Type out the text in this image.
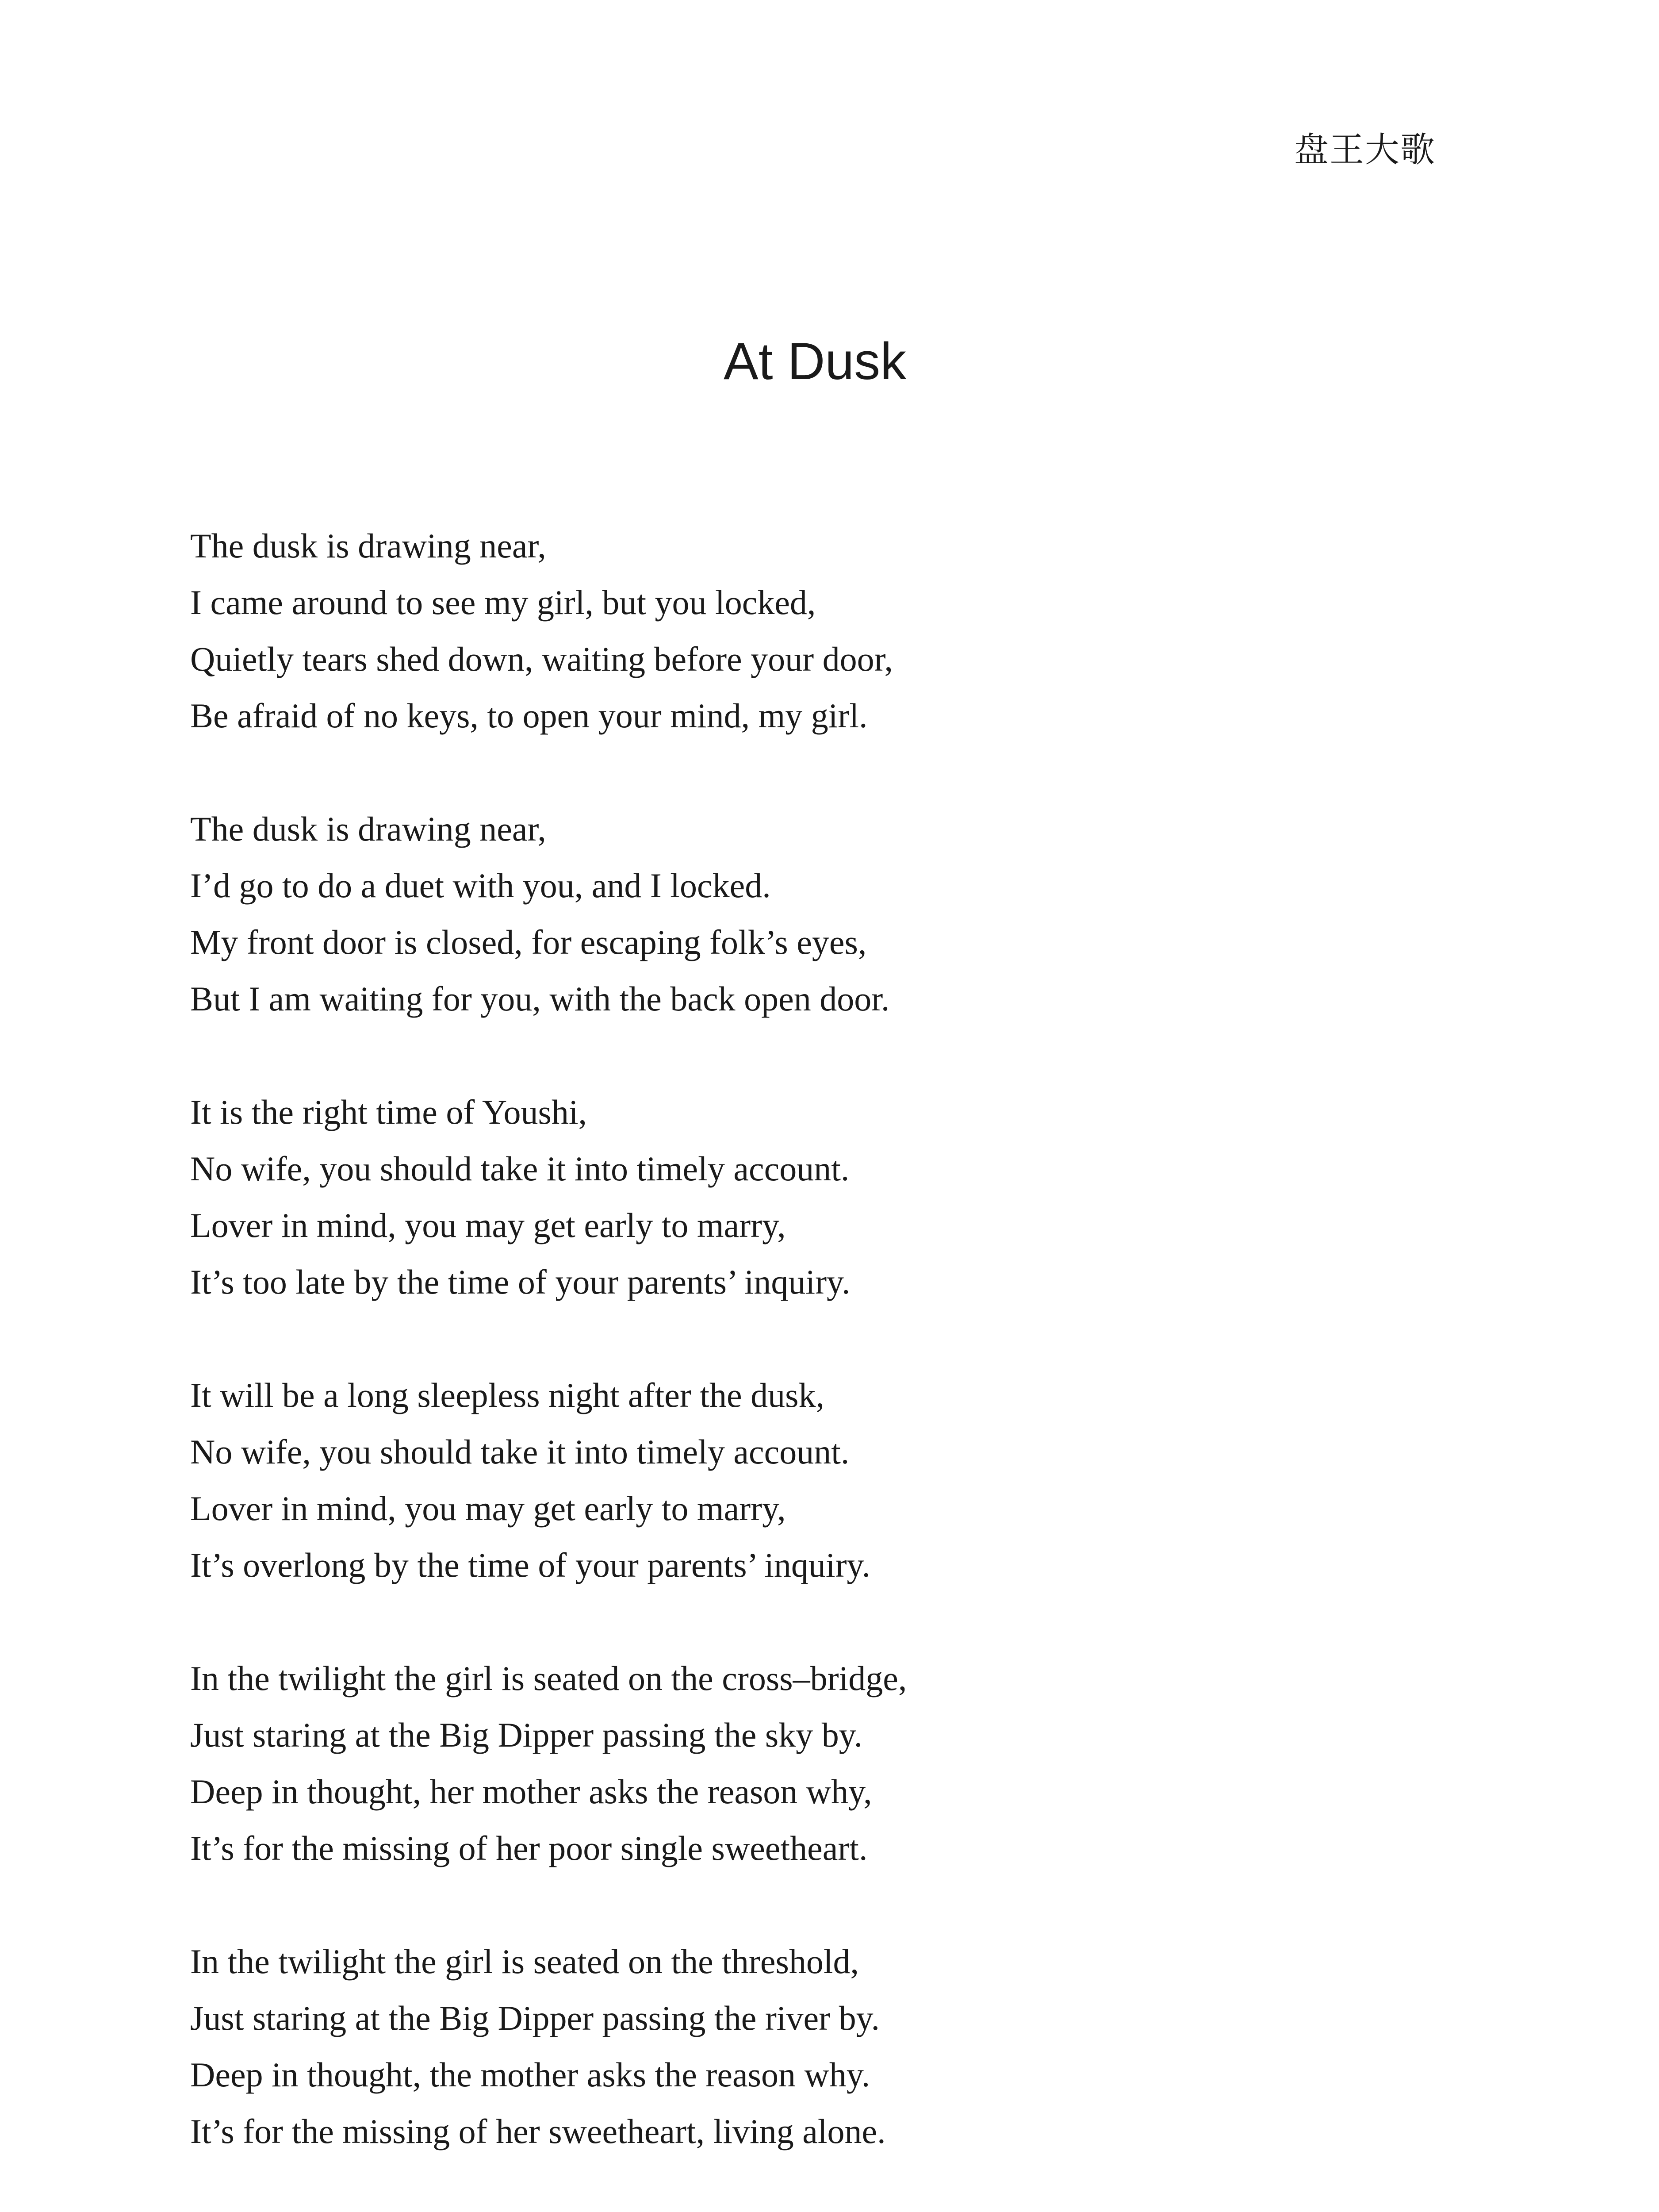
盘王大歌
At Dusk
The dusk is drawing near,
I came around to see my girl, but you locked,
Quietly tears shed down, waiting before your door,
Be afraid of no keys, to open your mind, my girl.
The dusk is drawing near,
I’d go to do a duet with you, and I locked.
My front door is closed, for escaping folk’s eyes,
But I am waiting for you, with the back open door.
It is the right time of Youshi,
No wife, you should take it into timely account.
Lover in mind, you may get early to marry,
It’s too late by the time of your parents’ inquiry.
It will be a long sleepless night after the dusk,
No wife, you should take it into timely account.
Lover in mind, you may get early to marry,
It’s overlong by the time of your parents’ inquiry.
In the twilight the girl is seated on the cross–bridge,
Just staring at the Big Dipper passing the sky by.
Deep in thought, her mother asks the reason why,
It’s for the missing of her poor single sweetheart.
In the twilight the girl is seated on the threshold,
Just staring at the Big Dipper passing the river by.
Deep in thought, the mother asks the reason why.
It’s for the missing of her sweetheart, living alone.
